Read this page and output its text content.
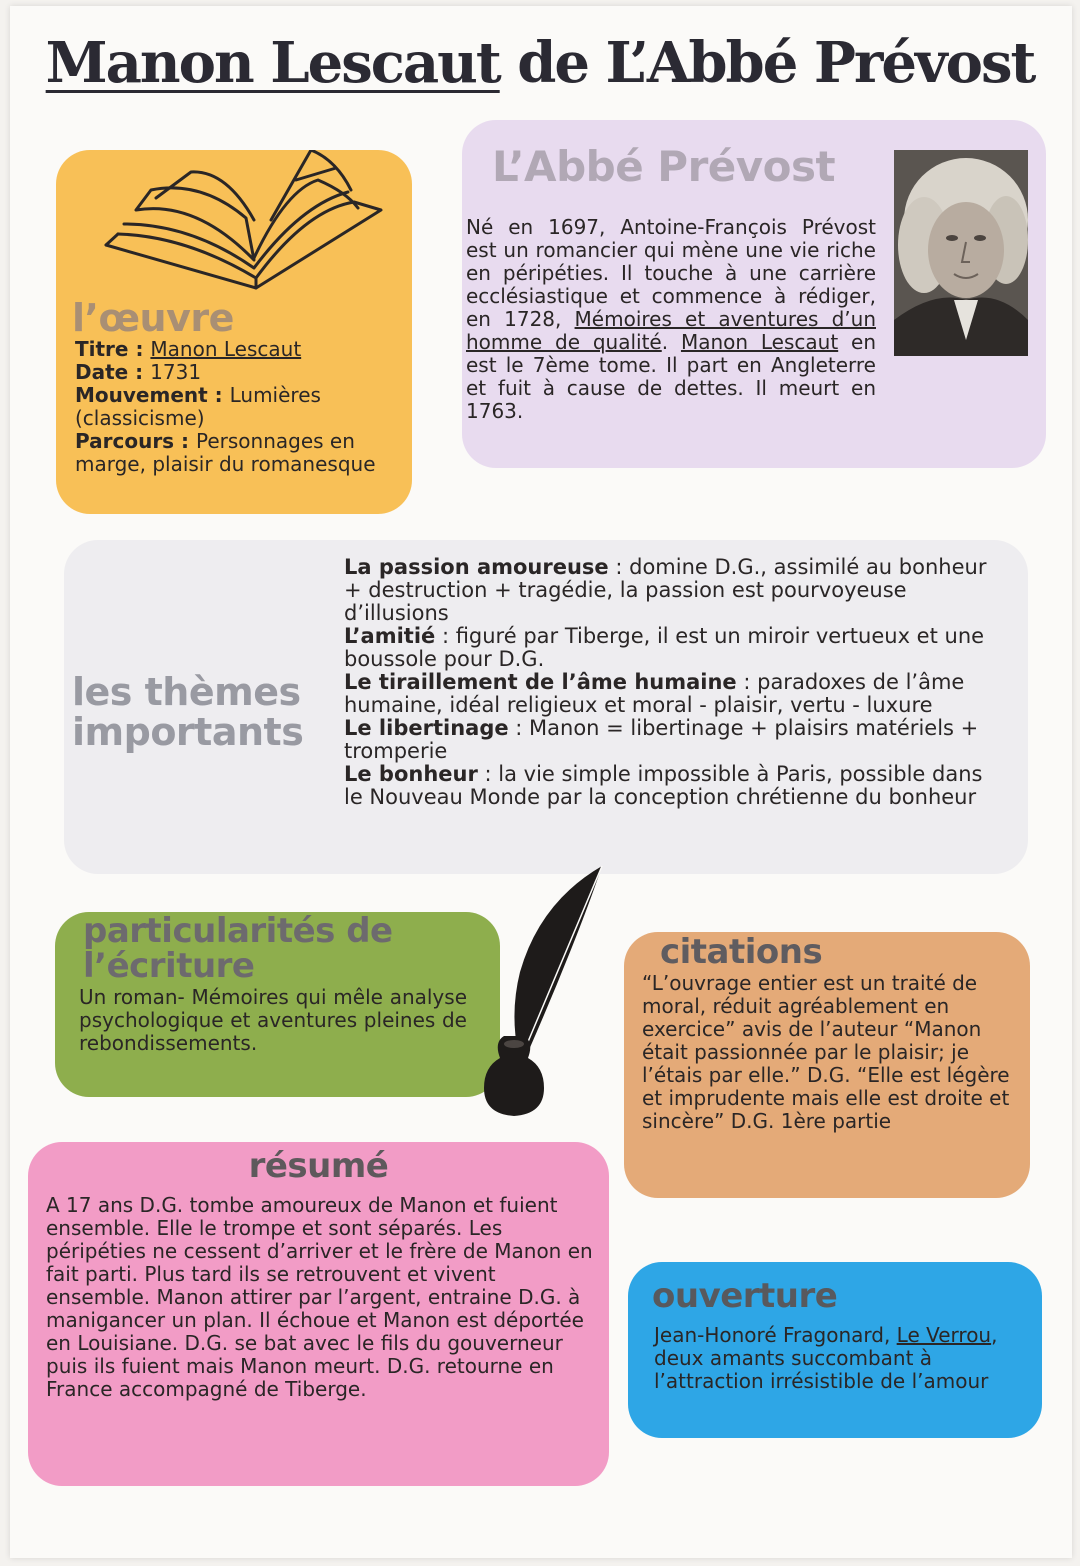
Manon Lescaut de L’Abbé Prévost
l’œuvre
Titre : Manon Lescaut
Date : 1731
Mouvement : Lumières (classicisme)
Parcours : Personnages en marge, plaisir du romanesque
L’Abbé Prévost
Né en 1697, Antoine-François Prévost est un romancier qui mène une vie riche en péripéties. Il touche à une carrière ecclésiastique et commence à rédiger, en 1728, Mémoires et aventures d’un homme de qualité. Manon Lescaut en est le 7ème tome. Il part en Angleterre et fuit à cause de dettes. Il meurt en 1763.
les thèmes importants
La passion amoureuse : domine D.G., assimilé au bonheur + destruction + tragédie, la passion est pourvoyeuse d’illusions
L’amitié : figuré par Tiberge, il est un miroir vertueux et une boussole pour D.G.
Le tiraillement de l’âme humaine : paradoxes de l’âme humaine, idéal religieux et moral - plaisir, vertu - luxure
Le libertinage : Manon = libertinage + plaisirs matériels + tromperie
Le bonheur : la vie simple impossible à Paris, possible dans le Nouveau Monde par la conception chrétienne du bonheur
particularités de l’écriture
Un roman- Mémoires qui mêle analyse psychologique et aventures pleines de rebondissements.
citations
“L’ouvrage entier est un traité de moral, réduit agréablement en exercice” avis de l’auteur “Manon était passionnée par le plaisir; je l’étais par elle.” D.G. “Elle est légère et imprudente mais elle est droite et sincère” D.G. 1ère partie
résumé
A 17 ans D.G. tombe amoureux de Manon et fuient ensemble. Elle le trompe et sont séparés. Les péripéties ne cessent d’arriver et le frère de Manon en fait parti. Plus tard ils se retrouvent et vivent ensemble. Manon attirer par l’argent, entraine D.G. à manigancer un plan. Il échoue et Manon est déportée en Louisiane. D.G. se bat avec le fils du gouverneur puis ils fuient mais Manon meurt. D.G. retourne en France accompagné de Tiberge.
ouverture
Jean-Honoré Fragonard, Le Verrou, deux amants succombant à l’attraction irrésistible de l’amour
